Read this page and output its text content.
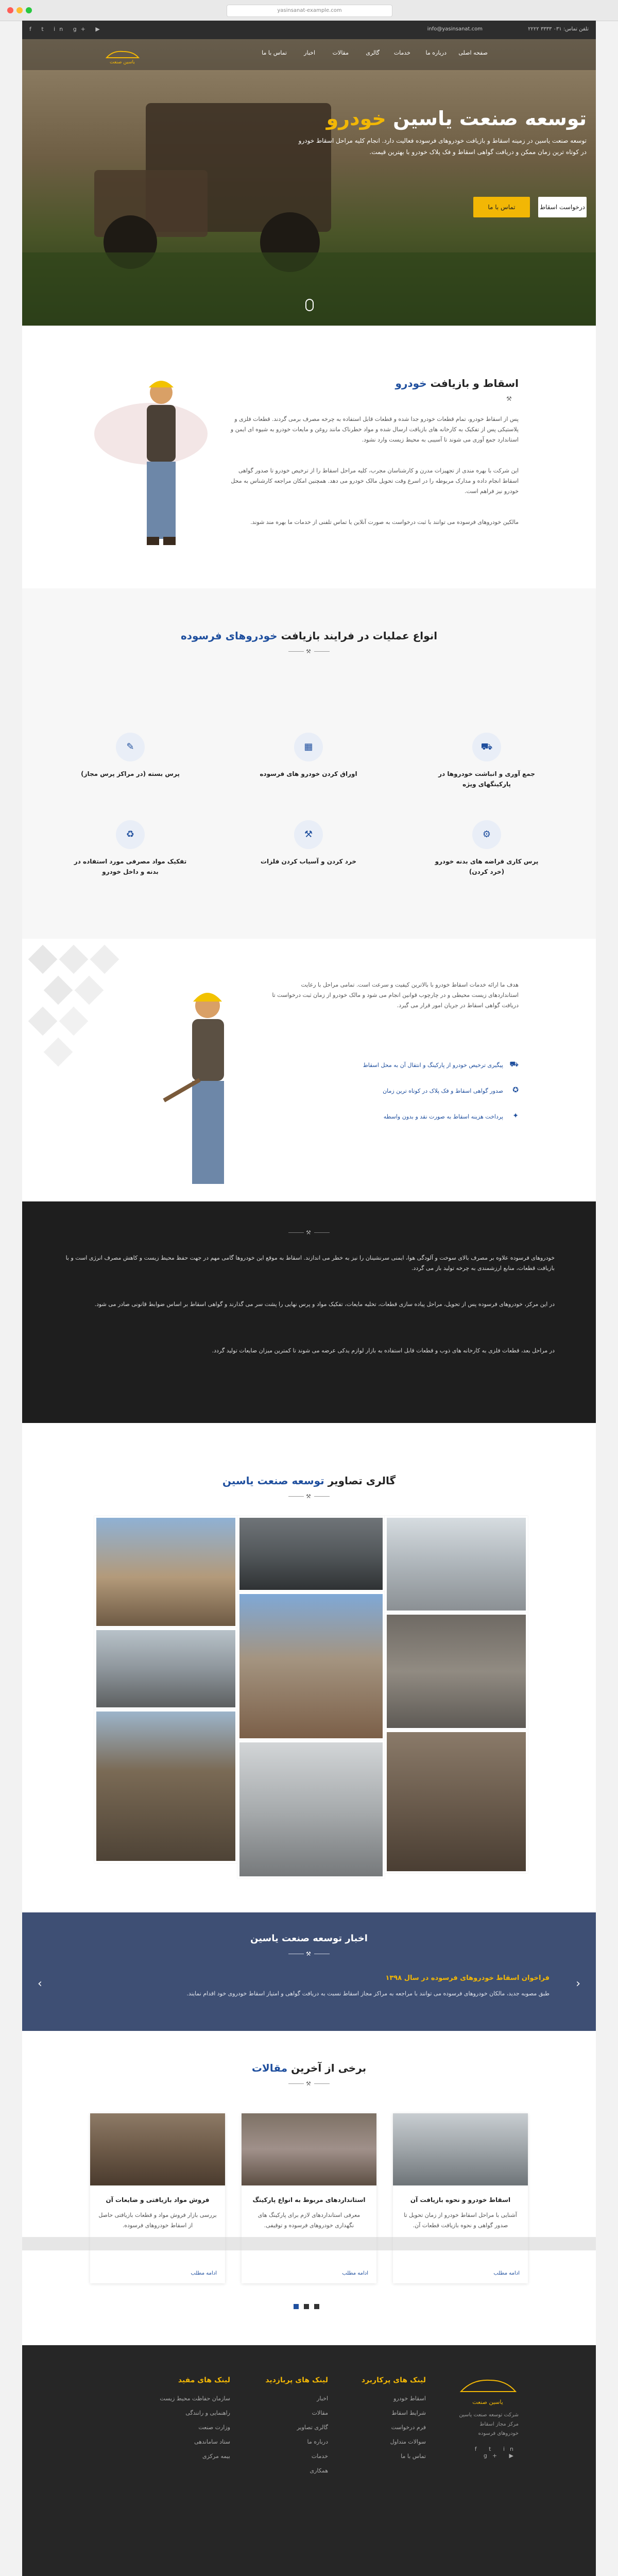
yasinsanat-example.com
تلفن تماس: ۰۳۱ ۳۳۳۳ ۲۲۲۲
info@yasinsanat.com
f t in g+ ▶
یاسین صنعت
صفحه اصلی
درباره ما
خدمات
گالری
مقالات
اخبار
تماس با ما
توسعه صنعت یاسین خودرو
توسعه صنعت یاسین در زمینه اسقاط و بازیافت خودروهای فرسوده فعالیت دارد. انجام کلیه مراحل اسقاط خودرو در کوتاه ترین زمان ممکن و دریافت گواهی اسقاط و فک پلاک خودرو با بهترین قیمت.
درخواست اسقاط
تماس با ما
اسقاط و بازیافت خودرو
⚒
پس از اسقاط خودرو، تمام قطعات خودرو جدا شده و قطعات قابل استفاده به چرخه مصرف برمی گردند. قطعات فلزی و پلاستیکی پس از تفکیک به کارخانه های بازیافت ارسال شده و مواد خطرناک مانند روغن و مایعات خودرو به شیوه ای ایمن و استاندارد جمع آوری می شوند تا آسیبی به محیط زیست وارد نشود.
این شرکت با بهره مندی از تجهیزات مدرن و کارشناسان مجرب، کلیه مراحل اسقاط را از ترخیص خودرو تا صدور گواهی اسقاط انجام داده و مدارک مربوطه را در اسرع وقت تحویل مالک خودرو می دهد. همچنین امکان مراجعه کارشناس به محل خودرو نیز فراهم است.
مالکین خودروهای فرسوده می توانند با ثبت درخواست به صورت آنلاین یا تماس تلفنی از خدمات ما بهره مند شوند.
انواع عملیات در فرایند بازیافت خودروهای فرسوده
⚒
⛟
جمع آوری و انباشت خودروها در پارکینگهای ویژه
▦
اوراق کردن خودرو های فرسوده
✎
پرس بسته (در مراکز پرس مجاز)
⚙
پرس کاری قراضه های بدنه خودرو (خرد کردن)
⚒
خرد کردن و آسیاب کردن فلزات
♻
تفکیک مواد مصرفی مورد استفاده در بدنه و داخل خودرو
هدف ما ارائه خدمات اسقاط خودرو با بالاترین کیفیت و سرعت است. تمامی مراحل با رعایت استانداردهای زیست محیطی و در چارچوب قوانین انجام می شود و مالک خودرو از زمان ثبت درخواست تا دریافت گواهی اسقاط در جریان امور قرار می گیرد.
⛟
پیگیری ترخیص خودرو از پارکینگ و انتقال آن به محل اسقاط
✪
صدور گواهی اسقاط و فک پلاک در کوتاه ترین زمان
✦
پرداخت هزینه اسقاط به صورت نقد و بدون واسطه
⚒
خودروهای فرسوده علاوه بر مصرف بالای سوخت و آلودگی هوا، ایمنی سرنشینان را نیز به خطر می اندازند. اسقاط به موقع این خودروها گامی مهم در جهت حفظ محیط زیست و کاهش مصرف انرژی است و با بازیافت قطعات، منابع ارزشمندی به چرخه تولید باز می گردد.
در این مرکز، خودروهای فرسوده پس از تحویل، مراحل پیاده سازی قطعات، تخلیه مایعات، تفکیک مواد و پرس نهایی را پشت سر می گذارند و گواهی اسقاط بر اساس ضوابط قانونی صادر می شود.
در مراحل بعد، قطعات فلزی به کارخانه های ذوب و قطعات قابل استفاده به بازار لوازم یدکی عرضه می شوند تا کمترین میزان ضایعات تولید گردد.
گالری تصاویر توسعه صنعت یاسین
⚒
اخبار توسعه صنعت یاسین
⚒
فراخوان اسقاط خودروهای فرسوده در سال ۱۳۹۸
طبق مصوبه جدید، مالکان خودروهای فرسوده می توانند با مراجعه به مراکز مجاز اسقاط نسبت به دریافت گواهی و امتیاز اسقاط خودروی خود اقدام نمایند.
‹	›
برخی از آخرین مقالات
⚒
اسقاط خودرو و نحوه بازیافت آن
آشنایی با مراحل اسقاط خودرو از زمان تحویل تا صدور گواهی و نحوه بازیافت قطعات آن.
ادامه مطلب
استانداردهای مربوط به انواع پارکینگ
معرفی استانداردهای لازم برای پارکینگ های نگهداری خودروهای فرسوده و توقیفی.
ادامه مطلب
فروش مواد بازیافتی و ضایعات آن
بررسی بازار فروش مواد و قطعات بازیافتی حاصل از اسقاط خودروهای فرسوده.
ادامه مطلب
یاسین صنعت
شرکت توسعه صنعت یاسین مرکز مجاز اسقاط خودروهای فرسوده
f t in g+ ▶
لینک های پرکاربرد
اسقاط خودرو
شرایط اسقاط
فرم درخواست
سوالات متداول
تماس با ما
لینک های پربازدید
اخبار
مقالات
گالری تصاویر
درباره ما
خدمات
همکاری
لینک های مفید
سازمان حفاظت محیط زیست
راهنمایی و رانندگی
وزارت صنعت
ستاد ساماندهی
بیمه مرکزی
